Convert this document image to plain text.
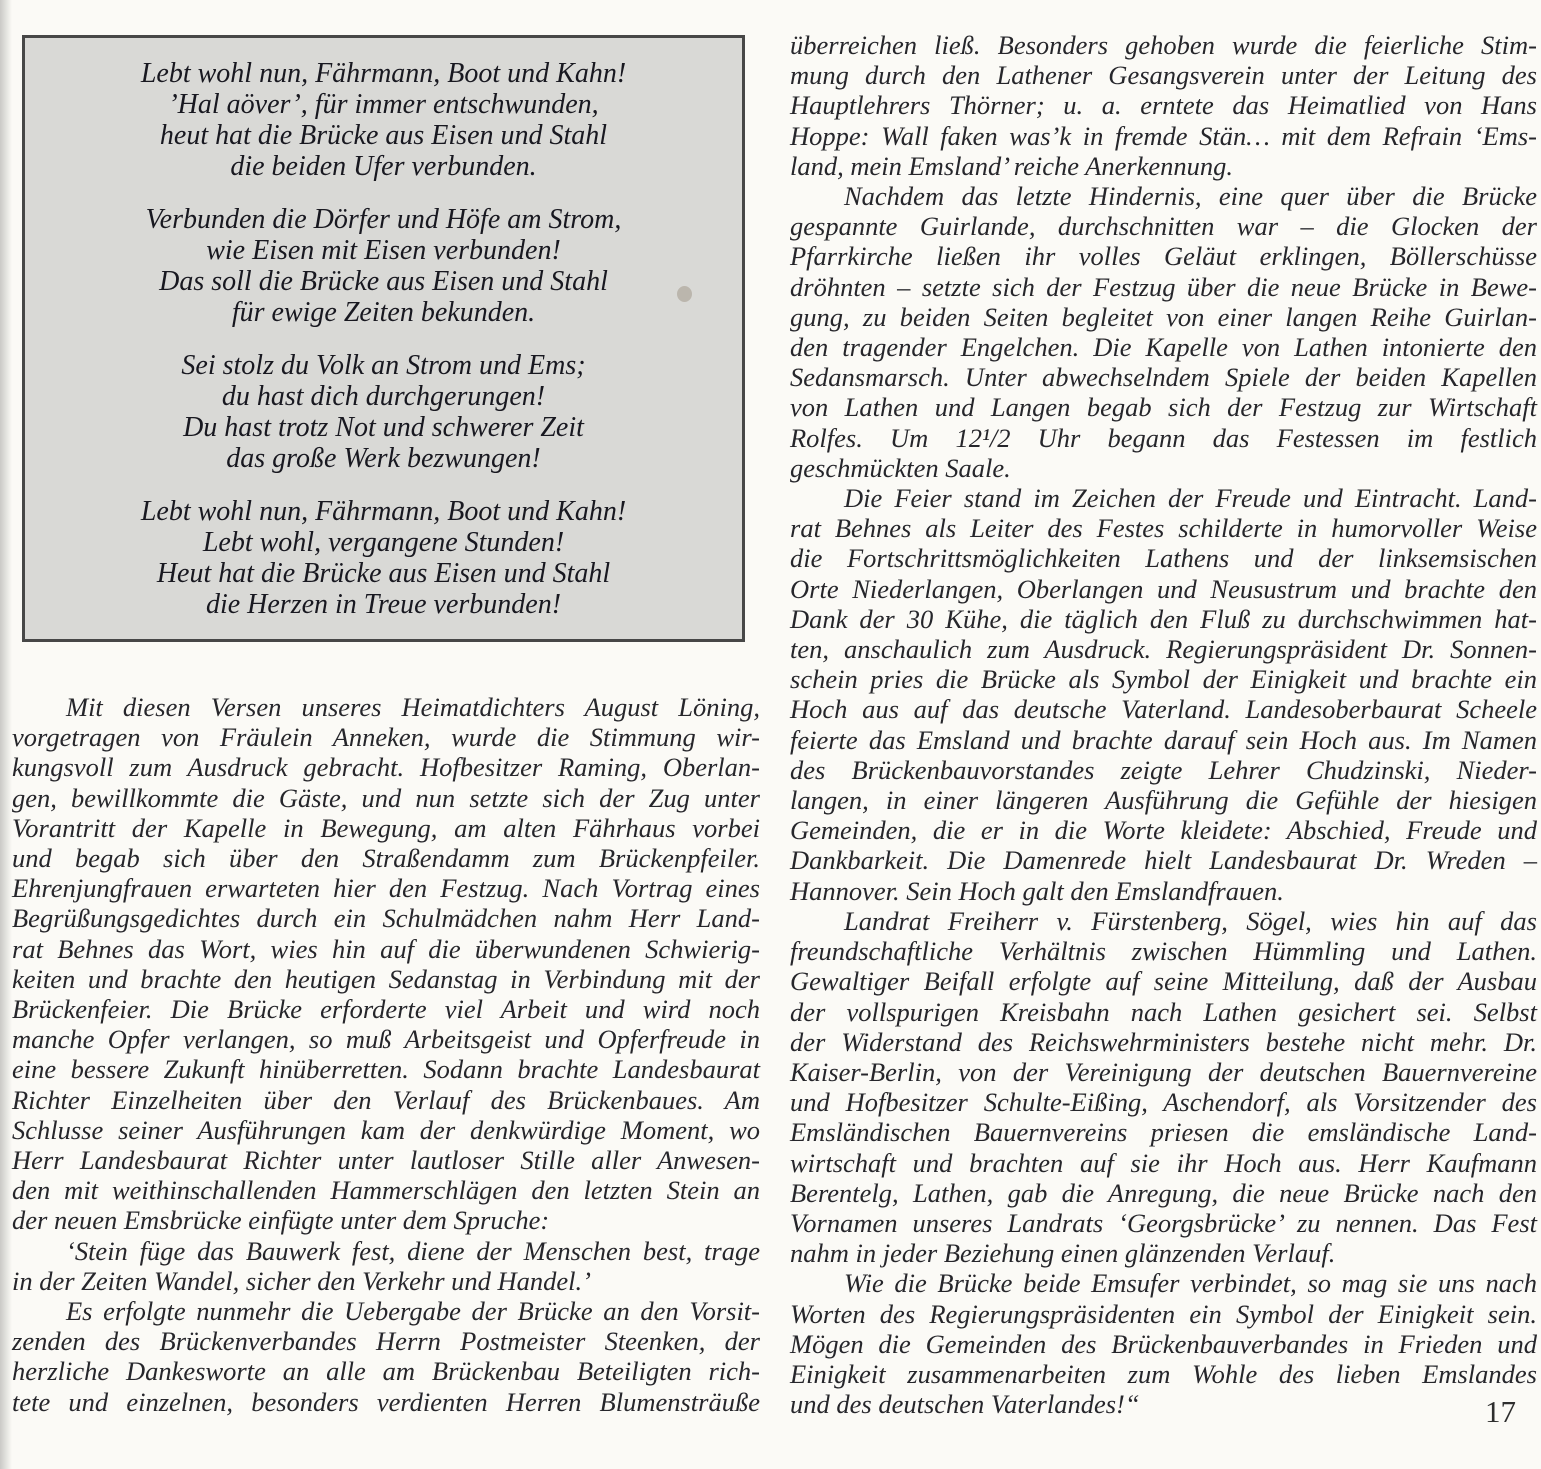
Lebt wohl nun, Fährmann, Boot und Kahn!
’Hal aöver’, für immer entschwunden,
heut hat die Brücke aus Eisen und Stahl
die beiden Ufer verbunden.
Verbunden die Dörfer und Höfe am Strom,
wie Eisen mit Eisen verbunden!
Das soll die Brücke aus Eisen und Stahl
für ewige Zeiten bekunden.
Sei stolz du Volk an Strom und Ems;
du hast dich durchgerungen!
Du hast trotz Not und schwerer Zeit
das große Werk bezwungen!
Lebt wohl nun, Fährmann, Boot und Kahn!
Lebt wohl, vergangene Stunden!
Heut hat die Brücke aus Eisen und Stahl
die Herzen in Treue verbunden!
Mit diesen Versen unseres Heimatdichters August Löning,
vorgetragen von Fräulein Anneken, wurde die Stimmung wir-
kungsvoll zum Ausdruck gebracht. Hofbesitzer Raming, Oberlan-
gen, bewillkommte die Gäste, und nun setzte sich der Zug unter
Vorantritt der Kapelle in Bewegung, am alten Fährhaus vorbei
und begab sich über den Straßendamm zum Brückenpfeiler.
Ehrenjungfrauen erwarteten hier den Festzug. Nach Vortrag eines
Begrüßungsgedichtes durch ein Schulmädchen nahm Herr Land-
rat Behnes das Wort, wies hin auf die überwundenen Schwierig-
keiten und brachte den heutigen Sedanstag in Verbindung mit der
Brückenfeier. Die Brücke erforderte viel Arbeit und wird noch
manche Opfer verlangen, so muß Arbeitsgeist und Opferfreude in
eine bessere Zukunft hinüberretten. Sodann brachte Landesbaurat
Richter Einzelheiten über den Verlauf des Brückenbaues. Am
Schlusse seiner Ausführungen kam der denkwürdige Moment, wo
Herr Landesbaurat Richter unter lautloser Stille aller Anwesen-
den mit weithinschallenden Hammerschlägen den letzten Stein an
der neuen Emsbrücke einfügte unter dem Spruche:
‘Stein füge das Bauwerk fest, diene der Menschen best, trage
in der Zeiten Wandel, sicher den Verkehr und Handel.’
Es erfolgte nunmehr die Uebergabe der Brücke an den Vorsit-
zenden des Brückenverbandes Herrn Postmeister Steenken, der
herzliche Dankesworte an alle am Brückenbau Beteiligten rich-
tete und einzelnen, besonders verdienten Herren Blumensträuße
überreichen ließ. Besonders gehoben wurde die feierliche Stim-
mung durch den Lathener Gesangsverein unter der Leitung des
Hauptlehrers Thörner; u. a. erntete das Heimatlied von Hans
Hoppe: Wall faken was’k in fremde Stän… mit dem Refrain ‘Ems-
land, mein Emsland’ reiche Anerkennung.
Nachdem das letzte Hindernis, eine quer über die Brücke
gespannte Guirlande, durchschnitten war – die Glocken der
Pfarrkirche ließen ihr volles Geläut erklingen, Böllerschüsse
dröhnten – setzte sich der Festzug über die neue Brücke in Bewe-
gung, zu beiden Seiten begleitet von einer langen Reihe Guirlan-
den tragender Engelchen. Die Kapelle von Lathen intonierte den
Sedansmarsch. Unter abwechselndem Spiele der beiden Kapellen
von Lathen und Langen begab sich der Festzug zur Wirtschaft
Rolfes. Um 12¹/2 Uhr begann das Festessen im festlich
geschmückten Saale.
Die Feier stand im Zeichen der Freude und Eintracht. Land-
rat Behnes als Leiter des Festes schilderte in humorvoller Weise
die Fortschrittsmöglichkeiten Lathens und der linksemsischen
Orte Niederlangen, Oberlangen und Neusustrum und brachte den
Dank der 30 Kühe, die täglich den Fluß zu durchschwimmen hat-
ten, anschaulich zum Ausdruck. Regierungspräsident Dr. Sonnen-
schein pries die Brücke als Symbol der Einigkeit und brachte ein
Hoch aus auf das deutsche Vaterland. Landesoberbaurat Scheele
feierte das Emsland und brachte darauf sein Hoch aus. Im Namen
des Brückenbauvorstandes zeigte Lehrer Chudzinski, Nieder-
langen, in einer längeren Ausführung die Gefühle der hiesigen
Gemeinden, die er in die Worte kleidete: Abschied, Freude und
Dankbarkeit. Die Damenrede hielt Landesbaurat Dr. Wreden –
Hannover. Sein Hoch galt den Emslandfrauen.
Landrat Freiherr v. Fürstenberg, Sögel, wies hin auf das
freundschaftliche Verhältnis zwischen Hümmling und Lathen.
Gewaltiger Beifall erfolgte auf seine Mitteilung, daß der Ausbau
der vollspurigen Kreisbahn nach Lathen gesichert sei. Selbst
der Widerstand des Reichswehrministers bestehe nicht mehr. Dr.
Kaiser-Berlin, von der Vereinigung der deutschen Bauernvereine
und Hofbesitzer Schulte-Eißing, Aschendorf, als Vorsitzender des
Emsländischen Bauernvereins priesen die emsländische Land-
wirtschaft und brachten auf sie ihr Hoch aus. Herr Kaufmann
Berentelg, Lathen, gab die Anregung, die neue Brücke nach den
Vornamen unseres Landrats ‘Georgsbrücke’ zu nennen. Das Fest
nahm in jeder Beziehung einen glänzenden Verlauf.
Wie die Brücke beide Emsufer verbindet, so mag sie uns nach
Worten des Regierungspräsidenten ein Symbol der Einigkeit sein.
Mögen die Gemeinden des Brückenbauverbandes in Frieden und
Einigkeit zusammenarbeiten zum Wohle des lieben Emslandes
und des deutschen Vaterlandes!“	17
